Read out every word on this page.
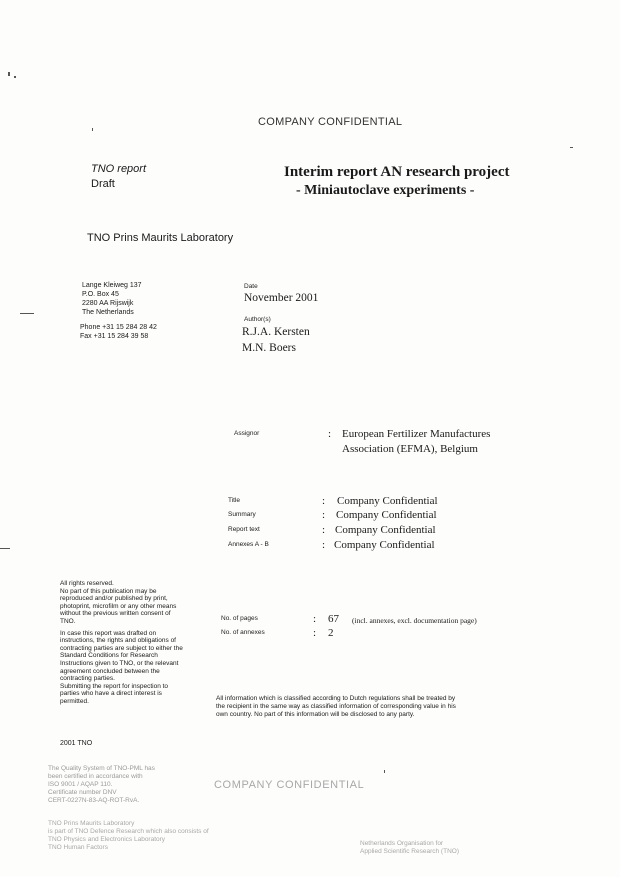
COMPANY CONFIDENTIAL
TNO report
Draft
Interim report AN research project
- Miniautoclave experiments -
TNO Prins Maurits Laboratory
Lange Kleiweg 137
P.O. Box 45
2280 AA Rijswijk
The Netherlands
Phone +31 15 284 28 42
Fax +31 15 284 39 58
Date
November 2001
Author(s)
R.J.A. Kersten
M.N. Boers
Assignor	: European Fertilizer Manufactures
Association (EFMA), Belgium
Title	: Company Confidential
Summary	: Company Confidential
Report text	: Company Confidential
Annexes A - B	: Company Confidential
All rights reserved.
No part of this publication may be
reproduced and/or published by print,
photoprint, microfilm or any other means
without the previous written consent of
TNO.
In case this report was drafted on
instructions, the rights and obligations of
contracting parties are subject to either the
Standard Conditions for Research
Instructions given to TNO, or the relevant
agreement concluded between the
contracting parties.
Submitting the report for inspection to
parties who have a direct interest is
permitted.
No. of pages	: 67 (incl. annexes, excl. documentation page)
No. of annexes	: 2
All information which is classified according to Dutch regulations shall be treated by
the recipient in the same way as classified information of corresponding value in his
own country. No part of this information will be disclosed to any party.
2001 TNO
The Quality System of TNO-PML has
been certified in accordance with
ISO 9001 / AQAP 110.
Certificate number DNV
CERT-0227N-83-AQ-ROT-RvA.
COMPANY CONFIDENTIAL
TNO Prins Maurits Laboratory
is part of TNO Defence Research which also consists of
TNO Physics and Electronics Laboratory
TNO Human Factors
Netherlands Organisation for
Applied Scientific Research (TNO)
